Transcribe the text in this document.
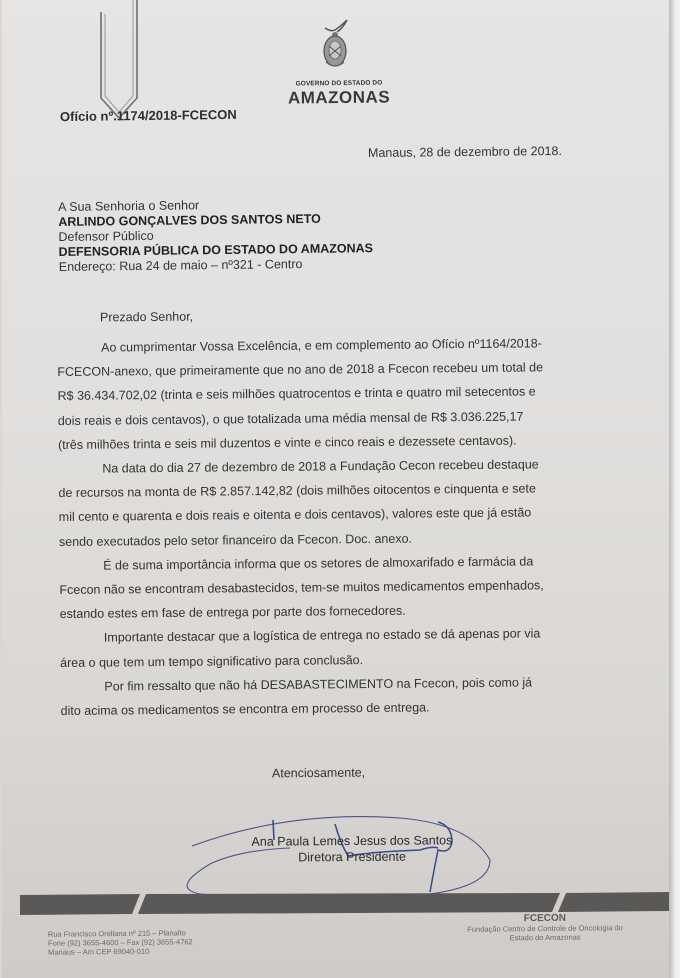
GOVERNO DO ESTADO DO
AMAZONAS
Ofício nº.1174/2018-FCECON
Manaus, 28 de dezembro de 2018.
A Sua Senhoria o Senhor
ARLINDO GONÇALVES DOS SANTOS NETO
Defensor Público
DEFENSORIA PÚBLICA DO ESTADO DO AMAZONAS
Endereço: Rua 24 de maio – nº321 - Centro
Prezado Senhor,

Ao cumprimentar Vossa Excelência, e em complemento ao Ofício nº1164/2018-
FCECON-anexo, que primeiramente que no ano de 2018 a Fcecon recebeu um total de
R$ 36.434.702,02 (trinta e seis milhões quatrocentos e trinta e quatro mil setecentos e
dois reais e dois centavos), o que totalizada uma média mensal de R$ 3.036.225,17
(três milhões trinta e seis mil duzentos e vinte e cinco reais e dezessete centavos).

Na data do dia 27 de dezembro de 2018 a Fundação Cecon recebeu destaque
de recursos na monta de R$ 2.857.142,82 (dois milhões oitocentos e cinquenta e sete
mil cento e quarenta e dois reais e oitenta e dois centavos), valores este que já estão
sendo executados pelo setor financeiro da Fcecon. Doc. anexo.

É de suma importância informa que os setores de almoxarifado e farmácia da
Fcecon não se encontram desabastecidos, tem-se muitos medicamentos empenhados,
estando estes em fase de entrega por parte dos fornecedores.

Importante destacar que a logística de entrega no estado se dá apenas por via
área o que tem um tempo significativo para conclusão.

Por fim ressalto que não há DESABASTECIMENTO na Fcecon, pois como já
dito acima os medicamentos se encontra em processo de entrega.

Atenciosamente,
Ana Paula Lemes Jesus dos Santos
Diretora Presidente
Rua Francisco Orellana nº 215 – Planalto
Fone (92) 3655-4600 – Fax (92) 3655-4762
Manaus – Am CEP 69040-010
FCECON
Fundação Centro de Controle de Oncologia do
Estado do Amazonas
